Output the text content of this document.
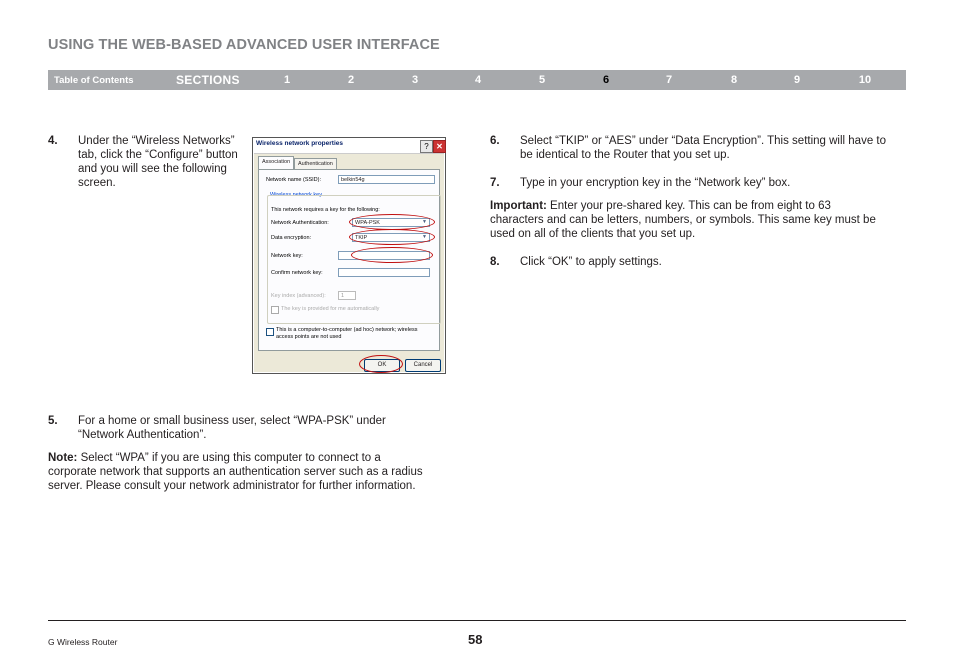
USING THE WEB-BASED ADVANCED USER INTERFACE
Table of Contents	SECTIONS	1	2	3	4	5	6	7	8	9	10
4. Under the “Wireless Networks” tab, click the “Configure” button and you will see the following screen.
5. For a home or small business user, select “WPA-PSK” under “Network Authentication”.
Note: Select “WPA” if you are using this computer to connect to a corporate network that supports an authentication server such as a radius server. Please consult your network administrator for further information.
6. Select “TKIP” or “AES” under “Data Encryption”. This setting will have to be identical to the Router that you set up.
7. Type in your encryption key in the “Network key” box.
Important: Enter your pre-shared key. This can be from eight to 63 characters and can be letters, numbers, or symbols. This same key must be used on all of the clients that you set up.
8. Click “OK” to apply settings.
Wireless network properties	? ✕
Association	Authentication
Network name (SSID):	belkin54g
Wireless network key
This network requires a key for the following:
Network Authentication:	WPA-PSK	▼
Data encryption:	TKIP	▼
Network key:
Confirm network key:
Key index (advanced):	1
The key is provided for me automatically
This is a computer-to-computer (ad hoc) network; wireless access points are not used
OK	Cancel
G Wireless Router	58
